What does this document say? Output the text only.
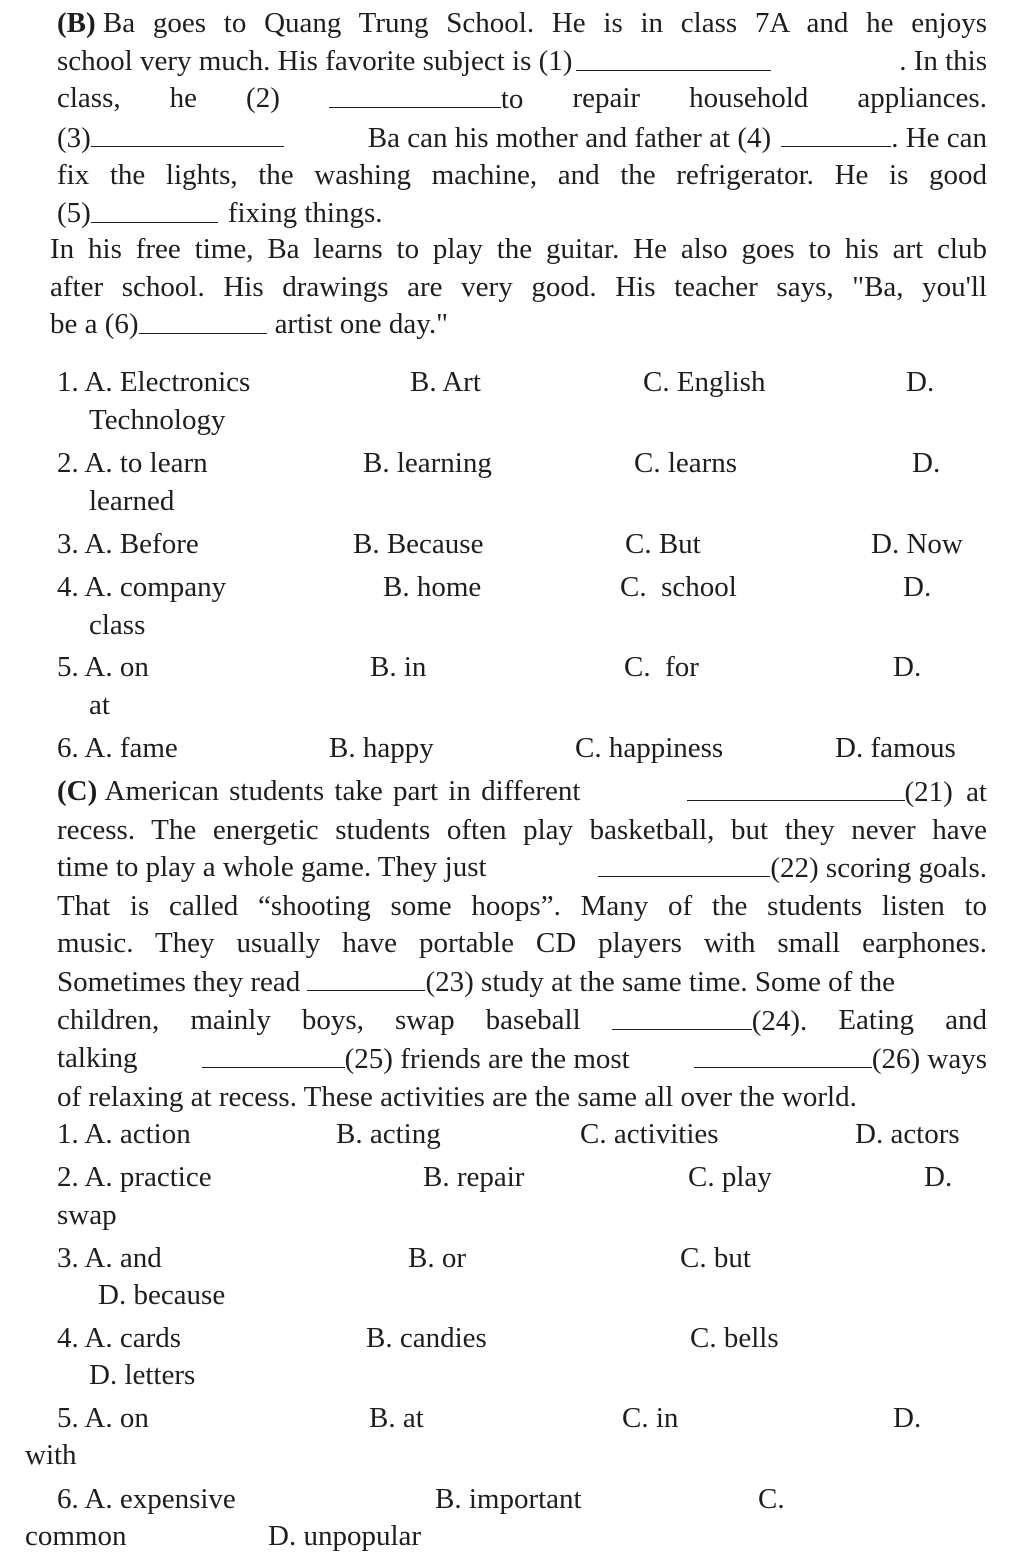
(B)
Ba goes to Quang Trung School. He is in class 7A and he enjoys
school very much. His favorite subject is (1)	. In this
class, he (2)	to repair household appliances.
(3)	Ba can his mother and father at (4)	. He can
fix the lights, the washing machine, and the refrigerator. He is good
(5)	fixing things.
In his free time, Ba learns to play the guitar. He also goes to his art club
after school. His drawings are very good. His teacher says, "Ba, you'll
be a (6)	artist one day."
1. A. Electronics	B. Art	C. English	D.
Technology
2. A. to learn	B. learning	C. learns	D.
learned
3. A. Before	B. Because	C. But	D. Now
4. A. company	B. home	C.  school	D.
class
5. A. on	B. in	C.  for	D.
at
6. A. fame	B. happy	C. happiness	D. famous
(C) American students take part in different	(21) at
recess. The energetic students often play basketball, but they never have
time to play a whole game. They just	(22) scoring goals.
That is called “shooting some hoops”. Many of the students listen to
music. They usually have portable CD players with small earphones.
Sometimes they read	(23) study at the same time. Some of the
children, mainly boys, swap baseball	(24). Eating and
talking	(25) friends are the most	(26) ways
of relaxing at recess. These activities are the same all over the world.
1. A. action	B. acting	C. activities	D. actors
2. A. practice	B. repair	C. play	D.
swap
3. A. and	B. or	C. but
D. because
4. A. cards	B. candies	C. bells
D. letters
5. A. on	B. at	C. in	D.
with
6. A. expensive	B. important	C.
common	D. unpopular
